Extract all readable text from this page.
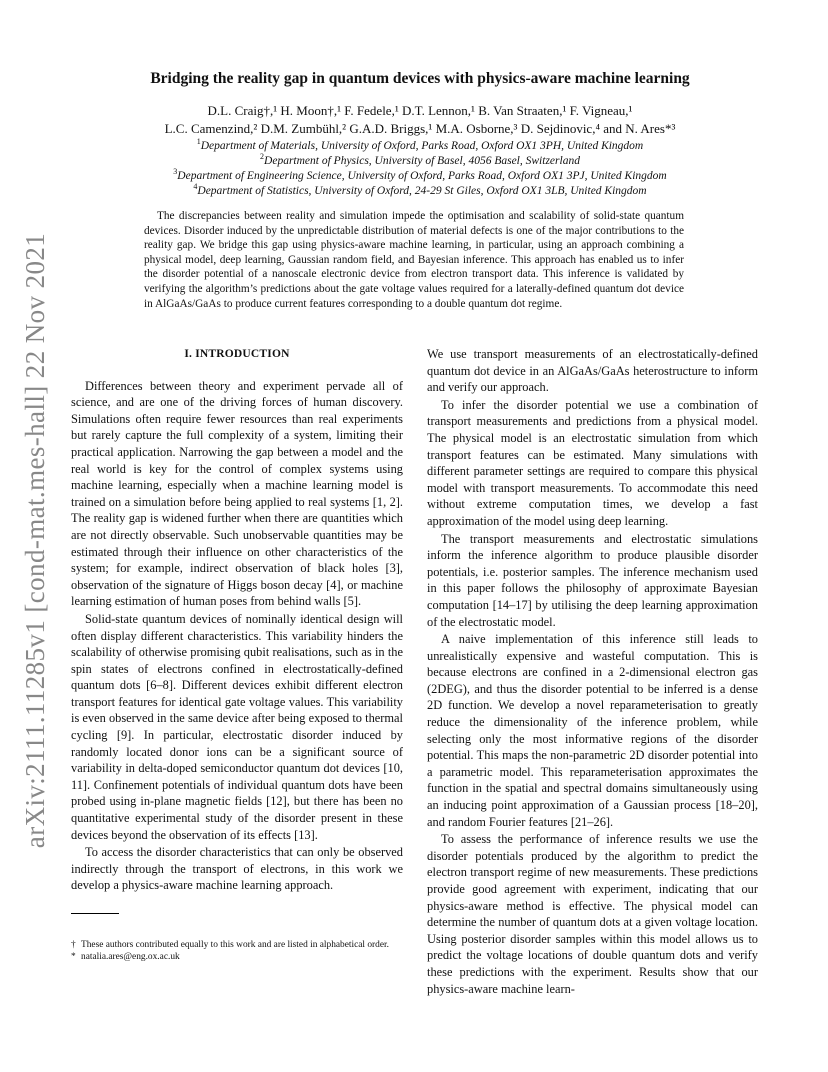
arXiv:2111.11285v1 [cond-mat.mes-hall] 22 Nov 2021
Bridging the reality gap in quantum devices with physics-aware machine learning
D.L. Craig†,¹ H. Moon†,¹ F. Fedele,¹ D.T. Lennon,¹ B. Van Straaten,¹ F. Vigneau,¹
L.C. Camenzind,² D.M. Zumbühl,² G.A.D. Briggs,¹ M.A. Osborne,³ D. Sejdinovic,⁴ and N. Ares*³
$^1$Department of Materials, University of Oxford, Parks Road, Oxford OX1 3PH, United Kingdom
$^2$Department of Physics, University of Basel, 4056 Basel, Switzerland
$^3$Department of Engineering Science, University of Oxford, Parks Road, Oxford OX1 3PJ, United Kingdom
$^4$Department of Statistics, University of Oxford, 24-29 St Giles, Oxford OX1 3LB, United Kingdom

The discrepancies between reality and simulation impede the optimisation and scalability of solid-state quantum devices. Disorder induced by the unpredictable distribution of material defects is one of the major contributions to the reality gap. We bridge this gap using physics-aware machine learning, in particular, using an approach combining a physical model, deep learning, Gaussian random field, and Bayesian inference. This approach has enabled us to infer the disorder potential of a nanoscale electronic device from electron transport data. This inference is validated by verifying the algorithm’s predictions about the gate voltage values required for a laterally-defined quantum dot device in AlGaAs/GaAs to produce current features corresponding to a double quantum dot regime.

I. INTRODUCTION

Differences between theory and experiment pervade all of science, and are one of the driving forces of human discovery. Simulations often require fewer resources than real experiments but rarely capture the full complexity of a system, limiting their practical application. Narrowing the gap between a model and the real world is key for the control of complex systems using machine learning, especially when a machine learning model is trained on a simulation before being applied to real systems [1, 2]. The reality gap is widened further when there are quantities which are not directly observable. Such unobservable quantities may be estimated through their influence on other characteristics of the system; for example, indirect observation of black holes [3], observation of the signature of Higgs boson decay [4], or machine learning estimation of human poses from behind walls [5].

Solid-state quantum devices of nominally identical design will often display different characteristics. This variability hinders the scalability of otherwise promising qubit realisations, such as in the spin states of electrons confined in electrostatically-defined quantum dots [6–8]. Different devices exhibit different electron transport features for identical gate voltage values. This variability is even observed in the same device after being exposed to thermal cycling [9]. In particular, electrostatic disorder induced by randomly located donor ions can be a significant source of variability in delta-doped semiconductor quantum dot devices [10, 11]. Confinement potentials of individual quantum dots have been probed using in-plane magnetic fields [12], but there has been no quantitative experimental study of the disorder present in these devices beyond the observation of its effects [13].

To access the disorder characteristics that can only be observed indirectly through the transport of electrons, in this work we develop a physics-aware machine learning approach.

We use transport measurements of an electrostatically-defined quantum dot device in an AlGaAs/GaAs heterostructure to inform and verify our approach.

To infer the disorder potential we use a combination of transport measurements and predictions from a physical model. The physical model is an electrostatic simulation from which transport features can be estimated. Many simulations with different parameter settings are required to compare this physical model with transport measurements. To accommodate this need without extreme computation times, we develop a fast approximation of the model using deep learning.

The transport measurements and electrostatic simulations inform the inference algorithm to produce plausible disorder potentials, i.e. posterior samples. The inference mechanism used in this paper follows the philosophy of approximate Bayesian computation [14–17] by utilising the deep learning approximation of the electrostatic model.

A naive implementation of this inference still leads to unrealistically expensive and wasteful computation. This is because electrons are confined in a 2-dimensional electron gas (2DEG), and thus the disorder potential to be inferred is a dense 2D function. We develop a novel reparameterisation to greatly reduce the dimensionality of the inference problem, while selecting only the most informative regions of the disorder potential. This maps the non-parametric 2D disorder potential into a parametric model. This reparameterisation approximates the function in the spatial and spectral domains simultaneously using an inducing point approximation of a Gaussian process [18–20], and random Fourier features [21–26].

To assess the performance of inference results we use the disorder potentials produced by the algorithm to predict the electron transport regime of new measurements. These predictions provide good agreement with experiment, indicating that our physics-aware method is effective. The physical model can determine the number of quantum dots at a given voltage location. Using posterior disorder samples within this model allows us to predict the voltage locations of double quantum dots and verify these predictions with the experiment. Results show that our physics-aware machine learn-

† These authors contributed equally to this work and are listed in alphabetical order.
* natalia.ares@eng.ox.ac.uk
